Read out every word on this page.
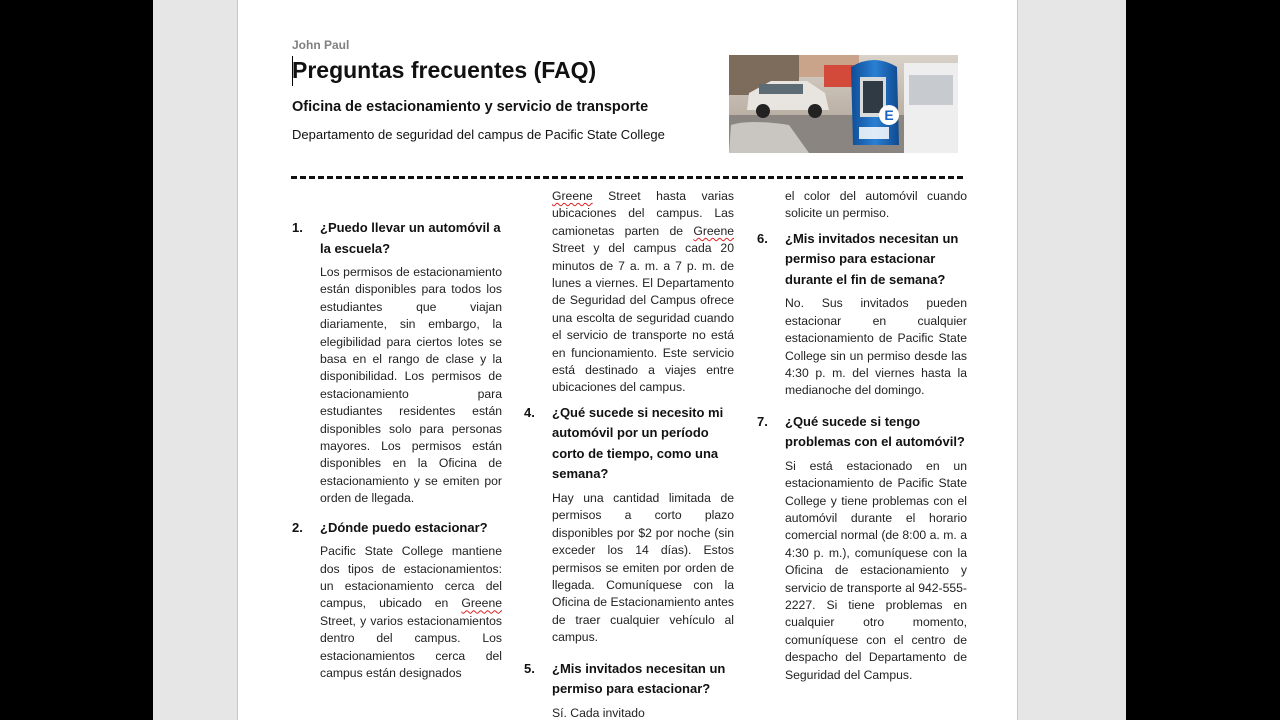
John Paul
Preguntas frecuentes (FAQ)
Oficina de estacionamiento y servicio de transporte
Departamento de seguridad del campus de Pacific State College
E
1.	¿Puedo llevar un automóvil a la escuela?
Los permisos de estacionamiento están disponibles para todos los estudiantes que viajan diariamente, sin embargo, la elegibilidad para ciertos lotes se basa en el rango de clase y la disponibilidad. Los permisos de estacionamiento para estudiantes residentes están disponibles solo para personas mayores. Los permisos están disponibles en la Oficina de estacionamiento y se emiten por orden de llegada.
2.	¿Dónde puedo estacionar?
Pacific State College mantiene dos tipos de estacionamientos: un estacionamiento cerca del campus, ubicado en Greene Street, y varios estacionamientos dentro del campus. Los estacionamientos cerca del campus están designados
Greene Street hasta varias ubicaciones del campus. Las camionetas parten de Greene Street y del campus cada 20 minutos de 7 a. m. a 7 p. m. de lunes a viernes. El Departamento de Seguridad del Campus ofrece una escolta de seguridad cuando el servicio de transporte no está en funcionamiento. Este servicio está destinado a viajes entre ubicaciones del campus.
4.	¿Qué sucede si necesito mi automóvil por un período corto de tiempo, como una semana?
Hay una cantidad limitada de permisos a corto plazo disponibles por $2 por noche (sin exceder los 14 días). Estos permisos se emiten por orden de llegada. Comuníquese con la Oficina de Estacionamiento antes de traer cualquier vehículo al campus.
5.	¿Mis invitados necesitan un permiso para estacionar?
Sí. Cada invitado
el color del automóvil cuando solicite un permiso.
6.	¿Mis invitados necesitan un permiso para estacionar durante el fin de semana?
No. Sus invitados pueden estacionar en cualquier estacionamiento de Pacific State College sin un permiso desde las 4:30 p. m. del viernes hasta la medianoche del domingo.
7.	¿Qué sucede si tengo problemas con el automóvil?
Si está estacionado en un estacionamiento de Pacific State College y tiene problemas con el automóvil durante el horario comercial normal (de 8:00 a. m. a 4:30 p. m.), comuníquese con la Oficina de estacionamiento y servicio de transporte al 942-555-2227. Si tiene problemas en cualquier otro momento, comuníquese con el centro de despacho del Departamento de Seguridad del Campus.
